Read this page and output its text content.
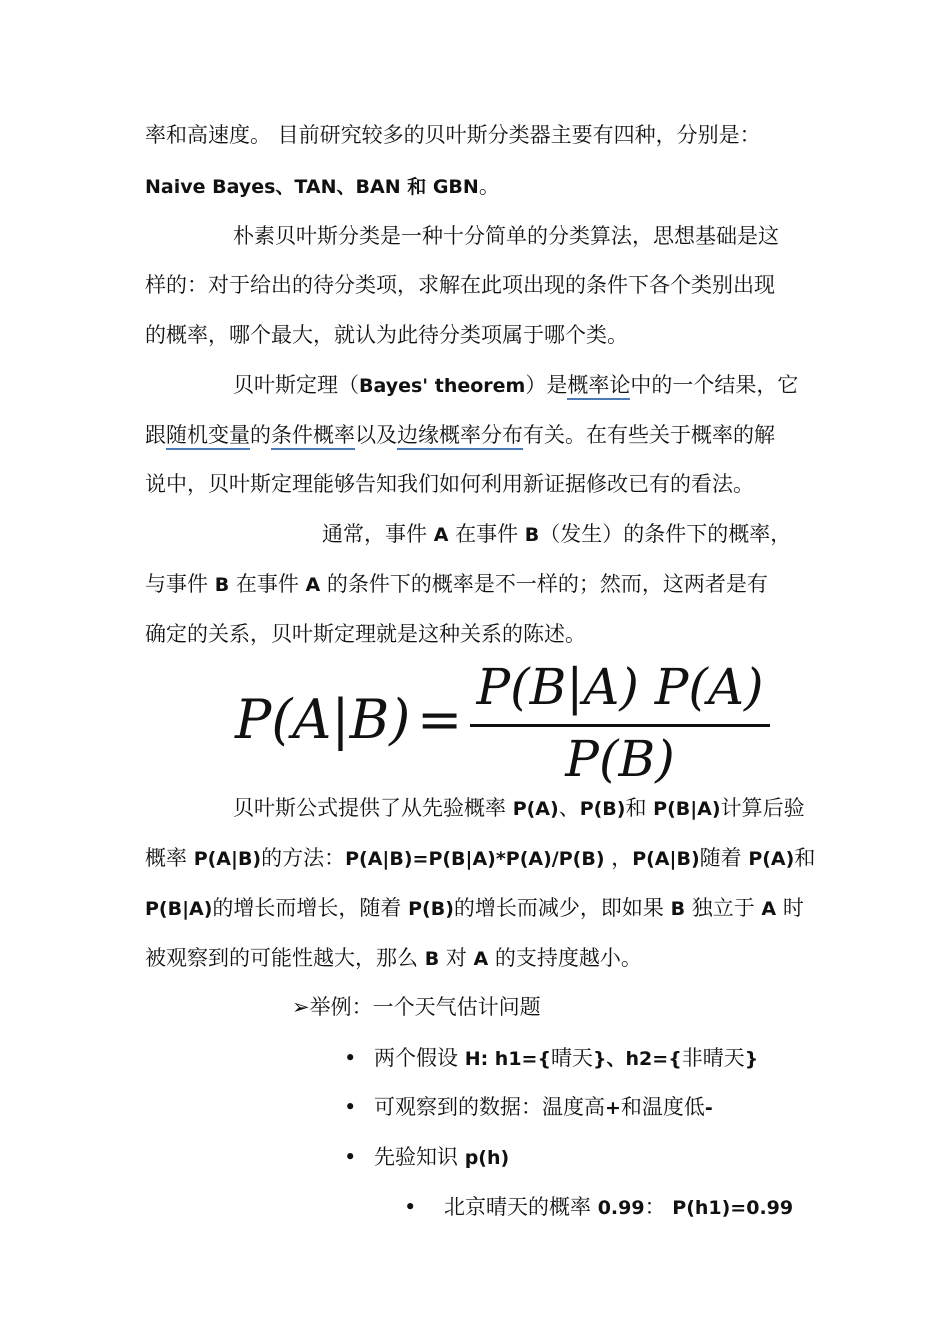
率和高速度。 目前研究较多的贝叶斯分类器主要有四种，分别是：
Naive Bayes、TAN、BAN 和 GBN。
朴素贝叶斯分类是一种十分简单的分类算法，思想基础是这
样的：对于给出的待分类项，求解在此项出现的条件下各个类别出现
的概率，哪个最大，就认为此待分类项属于哪个类。
贝叶斯定理（Bayes' theorem）是概率论中的一个结果，它
跟随机变量的条件概率以及边缘概率分布有关。在有些关于概率的解
说中，贝叶斯定理能够告知我们如何利用新证据修改已有的看法。
通常，事件 A 在事件 B（发生）的条件下的概率，
与事件 B 在事件 A 的条件下的概率是不一样的；然而，这两者是有
确定的关系，贝叶斯定理就是这种关系的陈述。
P(A|B) =
P(B|A) P(A)
P(B)
贝叶斯公式提供了从先验概率 P(A)、P(B)和 P(B|A)计算后验
概率 P(A|B)的方法：P(A|B)=P(B|A)*P(A)/P(B) ，P(A|B)随着 P(A)和
P(B|A)的增长而增长，随着 P(B)的增长而减少，即如果 B 独立于 A 时
被观察到的可能性越大，那么 B 对 A 的支持度越小。
➢举例：一个天气估计问题
• 两个假设 H: h1={晴天}、h2={非晴天}
• 可观察到的数据：温度高+和温度低-
• 先验知识 p(h)
• 北京晴天的概率 0.99： P(h1)=0.99
